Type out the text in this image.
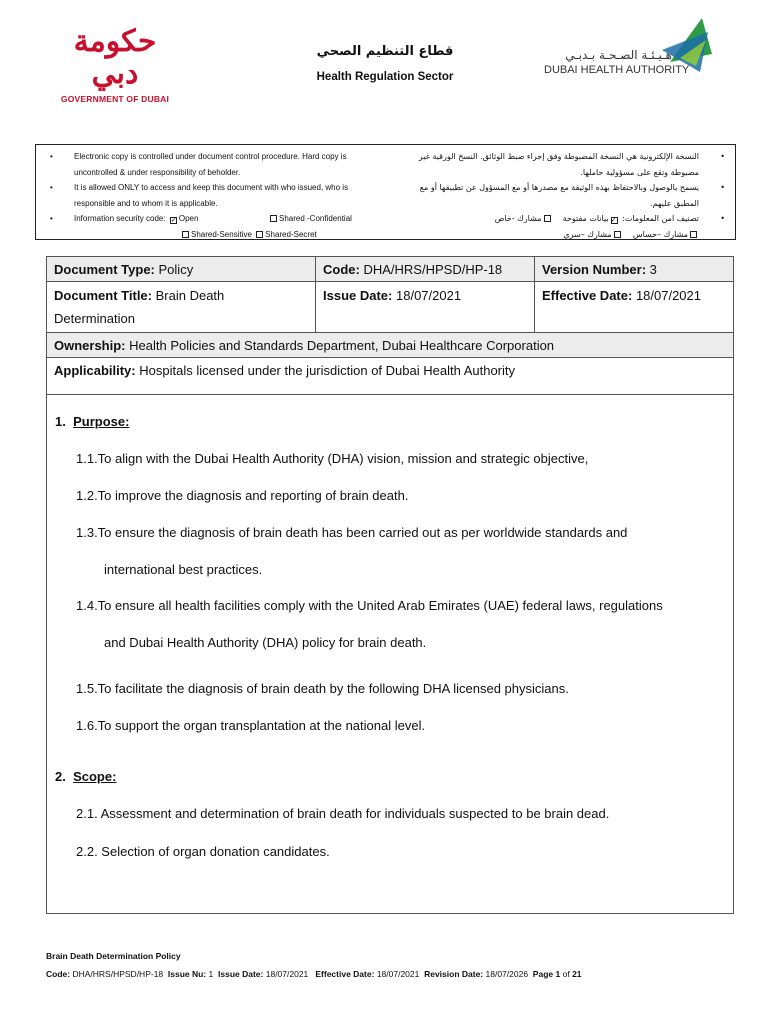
حكومة دبي
GOVERNMENT OF DUBAI
قطاع التنظيم الصحي
Health Regulation Sector
هـيـئـة الصـحـة بـدبـي
DUBAI HEALTH AUTHORITY
•	Electronic copy is controlled under document control procedure. Hard copy is
uncontrolled & under responsibility of beholder.
•	It is allowed ONLY to access and keep this document with who issued, who is
responsible and to whom it is applicable.
•	Information security code: ✓ Open	Shared -Confidential
Shared-Sensitive Shared-Secret
•
النسخة الإلكترونية هي النسخة المضبوطة وفق إجراء ضبط الوثائق. النسخ الورقية غير
مضبوطة وتقع على مسؤولية حاملها.
•
يسمح بالوصول وبالاحتفاظ بهذه الوثيقة مع مصدرها أو مع المسؤول عن تطبيقها أو مع
المطبق عليهم.
•
تصنيف امن المعلومات: ✓بيانات مفتوحة    مشارك -خاص
مشارك –حساس    مشارك –سري
Document Type: Policy	Code: DHA/HRS/HPSD/HP-18	Version Number: 3
Document Title: Brain Death
Determination
Issue Date: 18/07/2021	Effective Date: 18/07/2021
Ownership: Health Policies and Standards Department, Dubai Healthcare Corporation
Applicability: Hospitals licensed under the jurisdiction of Dubai Health Authority
1. Purpose:
1.1.To align with the Dubai Health Authority (DHA) vision, mission and strategic objective,
1.2.To improve the diagnosis and reporting of brain death.
1.3.To ensure the diagnosis of brain death has been carried out as per worldwide standards and
international best practices.
1.4.To ensure all health facilities comply with the United Arab Emirates (UAE) federal laws, regulations
and Dubai Health Authority (DHA) policy for brain death.
1.5.To facilitate the diagnosis of brain death by the following DHA licensed physicians.
1.6.To support the organ transplantation at the national level.
2. Scope:
2.1. Assessment and determination of brain death for individuals suspected to be brain dead.
2.2. Selection of organ donation candidates.
Brain Death Determination Policy
Code: DHA/HRS/HPSD/HP-18 Issue Nu: 1 Issue Date: 18/07/2021 Effective Date: 18/07/2021 Revision Date: 18/07/2026 Page 1 of 21
